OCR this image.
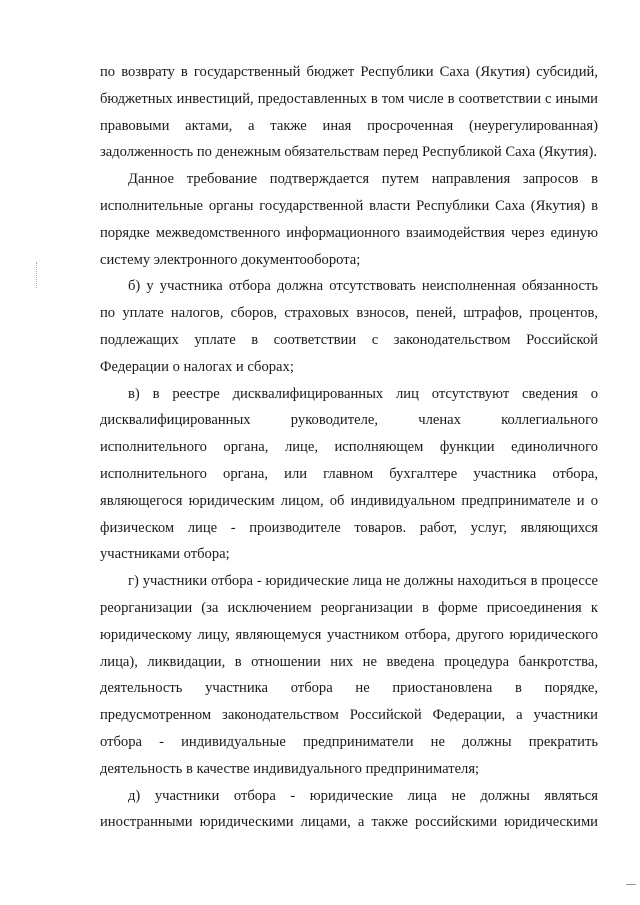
по возврату в государственный бюджет Республики Саха (Якутия) субсидий, бюджетных инвестиций, предоставленных в том числе в соответствии с иными правовыми актами, а также иная просроченная (неурегулированная) задолженность по денежным обязательствам перед Республикой Саха (Якутия).

Данное требование подтверждается путем направления запросов в исполнительные органы государственной власти Республики Саха (Якутия) в порядке межведомственного информационного взаимодействия через единую систему электронного документооборота;

б) у участника отбора должна отсутствовать неисполненная обязанность по уплате налогов, сборов, страховых взносов, пеней, штрафов, процентов, подлежащих уплате в соответствии с законодательством Российской Федерации о налогах и сборах;

в) в реестре дисквалифицированных лиц отсутствуют сведения о дисквалифицированных руководителе, членах коллегиального исполнительного органа, лице, исполняющем функции единоличного исполнительного органа, или главном бухгалтере участника отбора, являющегося юридическим лицом, об индивидуальном предпринимателе и о физическом лице - производителе товаров. работ, услуг, являющихся участниками отбора;

г) участники отбора - юридические лица не должны находиться в процессе реорганизации (за исключением реорганизации в форме присоединения к юридическому лицу, являющемуся участником отбора, другого юридического лица), ликвидации, в отношении них не введена процедура банкротства, деятельность участника отбора не приостановлена в порядке, предусмотренном законодательством Российской Федерации, а участники отбора - индивидуальные предприниматели не должны прекратить деятельность в качестве индивидуального предпринимателя;

д) участники отбора - юридические лица не должны являться иностранными юридическими лицами, а также российскими юридическими
